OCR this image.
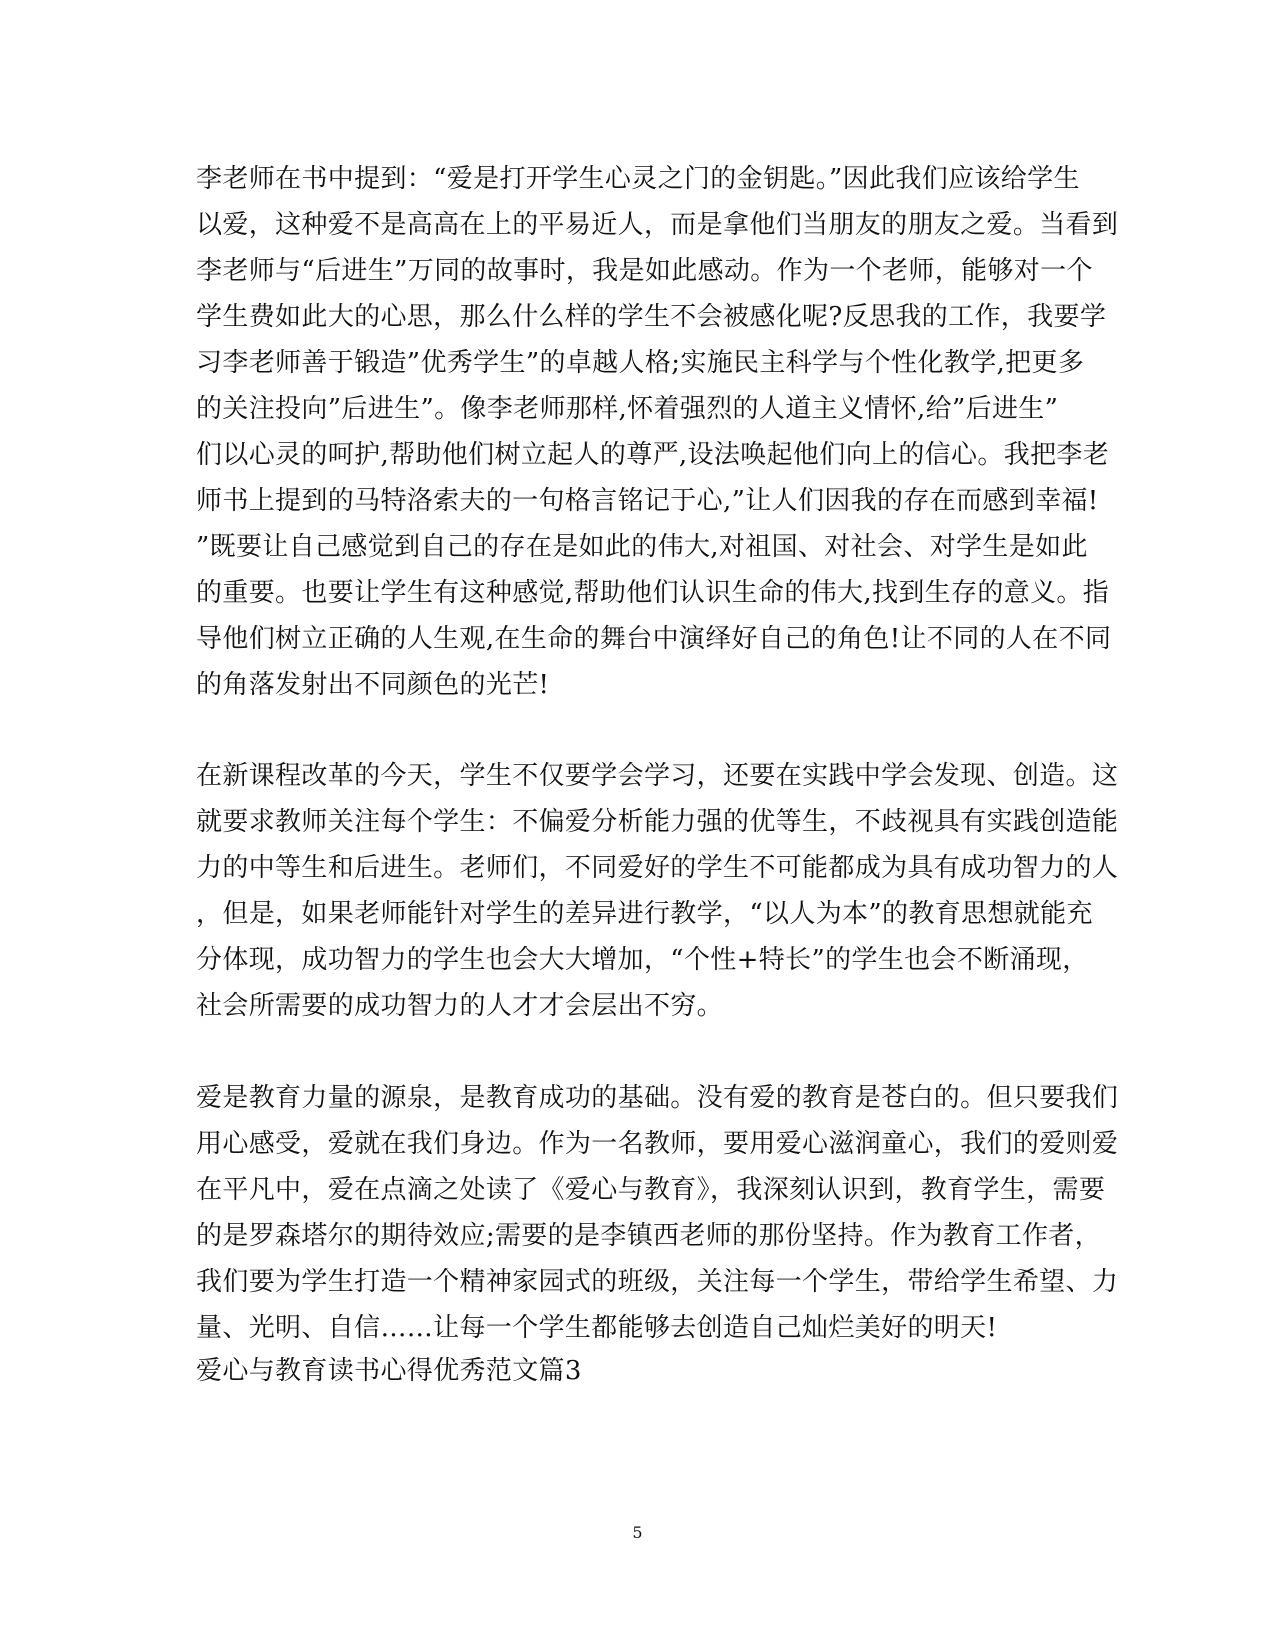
李老师在书中提到：“爱是打开学生心灵之门的金钥匙。”因此我们应该给学生
以爱，这种爱不是高高在上的平易近人，而是拿他们当朋友的朋友之爱。当看到
李老师与“后进生”万同的故事时，我是如此感动。作为一个老师，能够对一个
学生费如此大的心思，那么什么样的学生不会被感化呢?反思我的工作，我要学
习李老师善于锻造”优秀学生”的卓越人格;实施民主科学与个性化教学,把更多
的关注投向”后进生”。像李老师那样,怀着强烈的人道主义情怀,给”后进生”
们以心灵的呵护,帮助他们树立起人的尊严,设法唤起他们向上的信心。我把李老
师书上提到的马特洛索夫的一句格言铭记于心,”让人们因我的存在而感到幸福!
”既要让自己感觉到自己的存在是如此的伟大,对祖国、对社会、对学生是如此
的重要。也要让学生有这种感觉,帮助他们认识生命的伟大,找到生存的意义。指
导他们树立正确的人生观,在生命的舞台中演绎好自己的角色!让不同的人在不同
的角落发射出不同颜色的光芒!
在新课程改革的今天，学生不仅要学会学习，还要在实践中学会发现、创造。这
就要求教师关注每个学生：不偏爱分析能力强的优等生，不歧视具有实践创造能
力的中等生和后进生。老师们，不同爱好的学生不可能都成为具有成功智力的人
，但是，如果老师能针对学生的差异进行教学，“以人为本”的教育思想就能充
分体现，成功智力的学生也会大大增加，“个性+特长”的学生也会不断涌现，
社会所需要的成功智力的人才才会层出不穷。
爱是教育力量的源泉，是教育成功的基础。没有爱的教育是苍白的。但只要我们
用心感受，爱就在我们身边。作为一名教师，要用爱心滋润童心，我们的爱则爱
在平凡中，爱在点滴之处读了《爱心与教育》，我深刻认识到，教育学生，需要
的是罗森塔尔的期待效应;需要的是李镇西老师的那份坚持。作为教育工作者，
我们要为学生打造一个精神家园式的班级，关注每一个学生，带给学生希望、力
量、光明、自信……让每一个学生都能够去创造自己灿烂美好的明天!
爱心与教育读书心得优秀范文篇3
5
